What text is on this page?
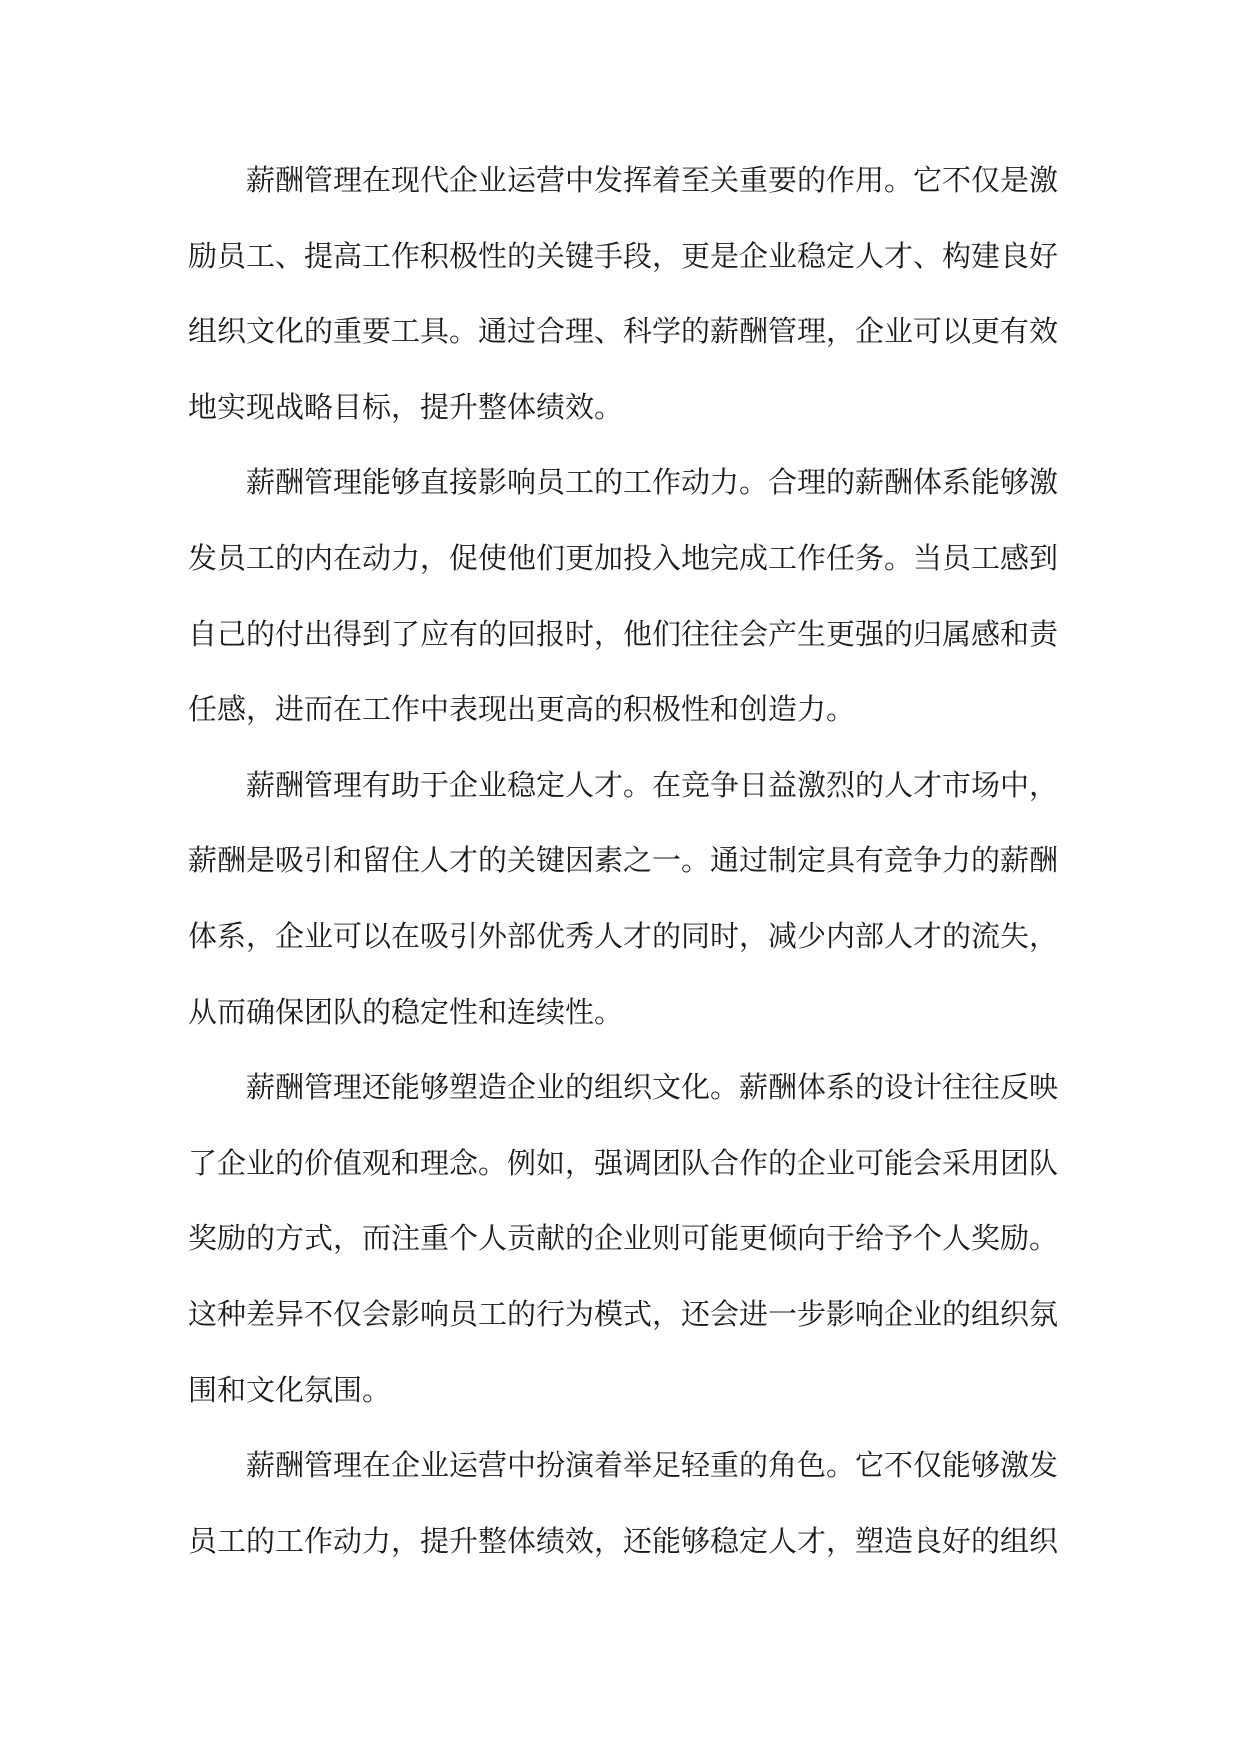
薪酬管理在现代企业运营中发挥着至关重要的作用。它不仅是激
励员工、提高工作积极性的关键手段，更是企业稳定人才、构建良好
组织文化的重要工具。通过合理、科学的薪酬管理，企业可以更有效
地实现战略目标，提升整体绩效。

薪酬管理能够直接影响员工的工作动力。合理的薪酬体系能够激
发员工的内在动力，促使他们更加投入地完成工作任务。当员工感到
自己的付出得到了应有的回报时，他们往往会产生更强的归属感和责
任感，进而在工作中表现出更高的积极性和创造力。

薪酬管理有助于企业稳定人才。在竞争日益激烈的人才市场中，
薪酬是吸引和留住人才的关键因素之一。通过制定具有竞争力的薪酬
体系，企业可以在吸引外部优秀人才的同时，减少内部人才的流失，
从而确保团队的稳定性和连续性。

薪酬管理还能够塑造企业的组织文化。薪酬体系的设计往往反映
了企业的价值观和理念。例如，强调团队合作的企业可能会采用团队
奖励的方式，而注重个人贡献的企业则可能更倾向于给予个人奖励。
这种差异不仅会影响员工的行为模式，还会进一步影响企业的组织氛
围和文化氛围。

薪酬管理在企业运营中扮演着举足轻重的角色。它不仅能够激发
员工的工作动力，提升整体绩效，还能够稳定人才，塑造良好的组织
